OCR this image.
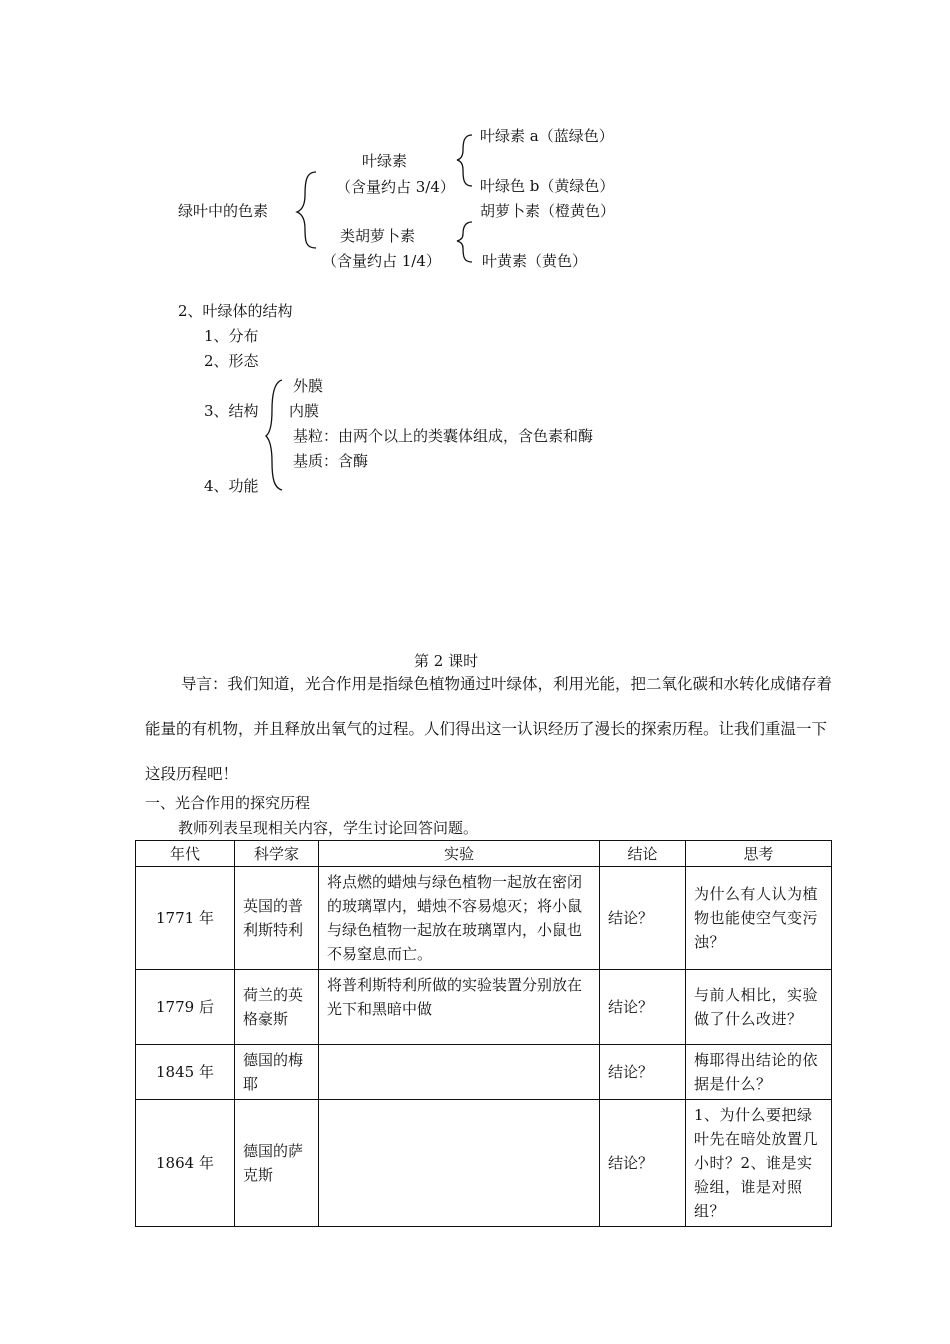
绿叶中的色素
叶绿素
（含量约占 3/4）
叶绿素 a（蓝绿色）
叶绿色 b（黄绿色）
胡萝卜素（橙黄色）
类胡萝卜素
（含量约占 1/4）	叶黄素（黄色）
2、叶绿体的结构
1、分布
2、形态
3、结构
4、功能
外膜
内膜
基粒：由两个以上的类囊体组成，含色素和酶
基质：含酶
第 2 课时
导言：我们知道，光合作用是指绿色植物通过叶绿体，利用光能，把二氧化碳和水转化成储存着能量的有机物，并且释放出氧气的过程。人们得出这一认识经历了漫长的探索历程。让我们重温一下这段历程吧！
一、光合作用的探究历程
教师列表呈现相关内容，学生讨论回答问题。
年代	科学家	实验	结论	思考
1771 年	英国的普利斯特利	将点燃的蜡烛与绿色植物一起放在密闭的玻璃罩内，蜡烛不容易熄灭；将小鼠与绿色植物一起放在玻璃罩内，小鼠也不易窒息而亡。	结论？	为什么有人认为植物也能使空气变污浊？
1779 后	荷兰的英格豪斯	将普利斯特利所做的实验装置分别放在光下和黑暗中做	结论？	与前人相比，实验做了什么改进？
1845 年	德国的梅耶		结论？	梅耶得出结论的依据是什么？
1864 年	德国的萨克斯		结论？	1、为什么要把绿叶先在暗处放置几小时？2、谁是实验组，谁是对照组？
